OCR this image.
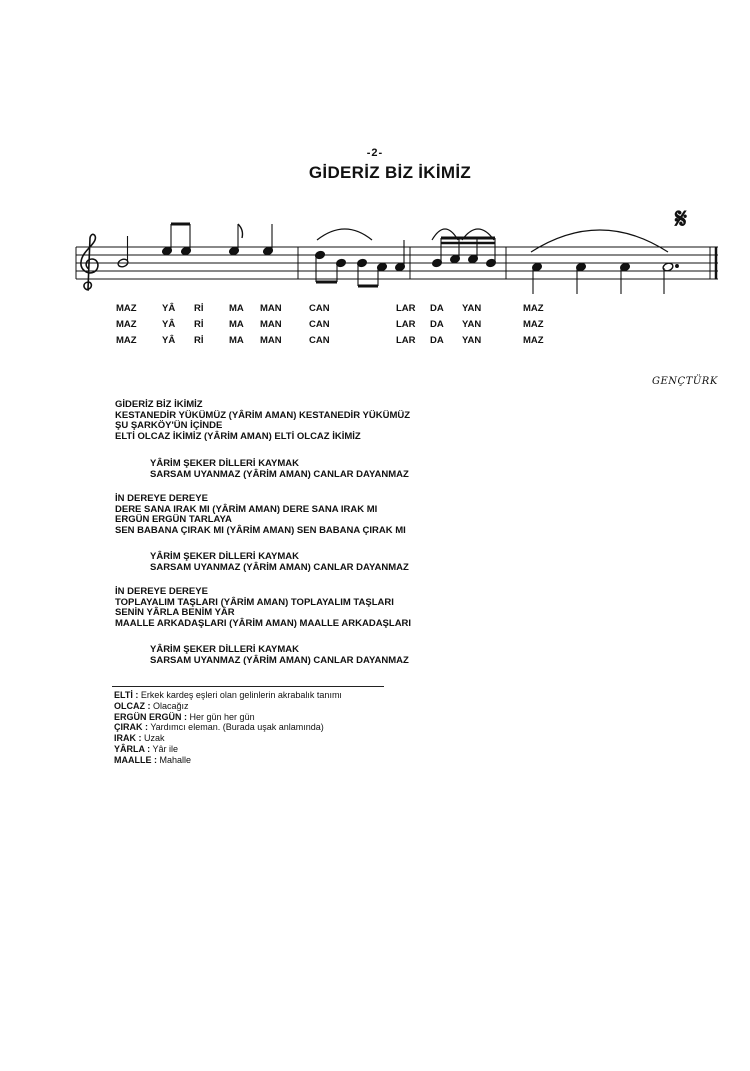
-2-
GİDERİZ BİZ İKİMİZ
𝄋
MAZ	YÂ Rİ	MA MAN	CAN	LAR DA YAN	MAZ
MAZ	YÂ Rİ	MA MAN	CAN	LAR DA YAN	MAZ
MAZ	YÂ Rİ	MA MAN	CAN	LAR DA YAN	MAZ
GENÇTÜRK
GİDERİZ BİZ İKİMİZ
KESTANEDİR YÜKÜMÜZ (YÂRİM AMAN) KESTANEDİR YÜKÜMÜZ
ŞU ŞARKÖY'ÜN İÇİNDE
ELTİ OLCAZ İKİMİZ (YÂRİM AMAN) ELTİ OLCAZ İKİMİZ
YÂRİM ŞEKER DİLLERİ KAYMAK
SARSAM UYANMAZ (YÂRİM AMAN) CANLAR DAYANMAZ
İN DEREYE DEREYE
DERE SANA IRAK MI (YÂRİM AMAN) DERE SANA IRAK MI
ERGÜN ERGÜN TARLAYA
SEN BABANA ÇIRAK MI (YÂRİM AMAN) SEN BABANA ÇIRAK MI
YÂRİM ŞEKER DİLLERİ KAYMAK
SARSAM UYANMAZ (YÂRİM AMAN) CANLAR DAYANMAZ
İN DEREYE DEREYE
TOPLAYALIM TAŞLARI (YÂRİM AMAN) TOPLAYALIM TAŞLARI
SENİN YÂRLA BENİM YÂR
MAALLE ARKADAŞLARI (YÂRİM AMAN) MAALLE ARKADAŞLARI
YÂRİM ŞEKER DİLLERİ KAYMAK
SARSAM UYANMAZ (YÂRİM AMAN) CANLAR DAYANMAZ
ELTİ : Erkek kardeş eşleri olan gelinlerin akrabalık tanımı
OLCAZ : Olacağız
ERGÜN ERGÜN : Her gün her gün
ÇIRAK : Yardımcı eleman. (Burada uşak anlamında)
IRAK : Uzak
YÂRLA : Yâr ile
MAALLE : Mahalle
